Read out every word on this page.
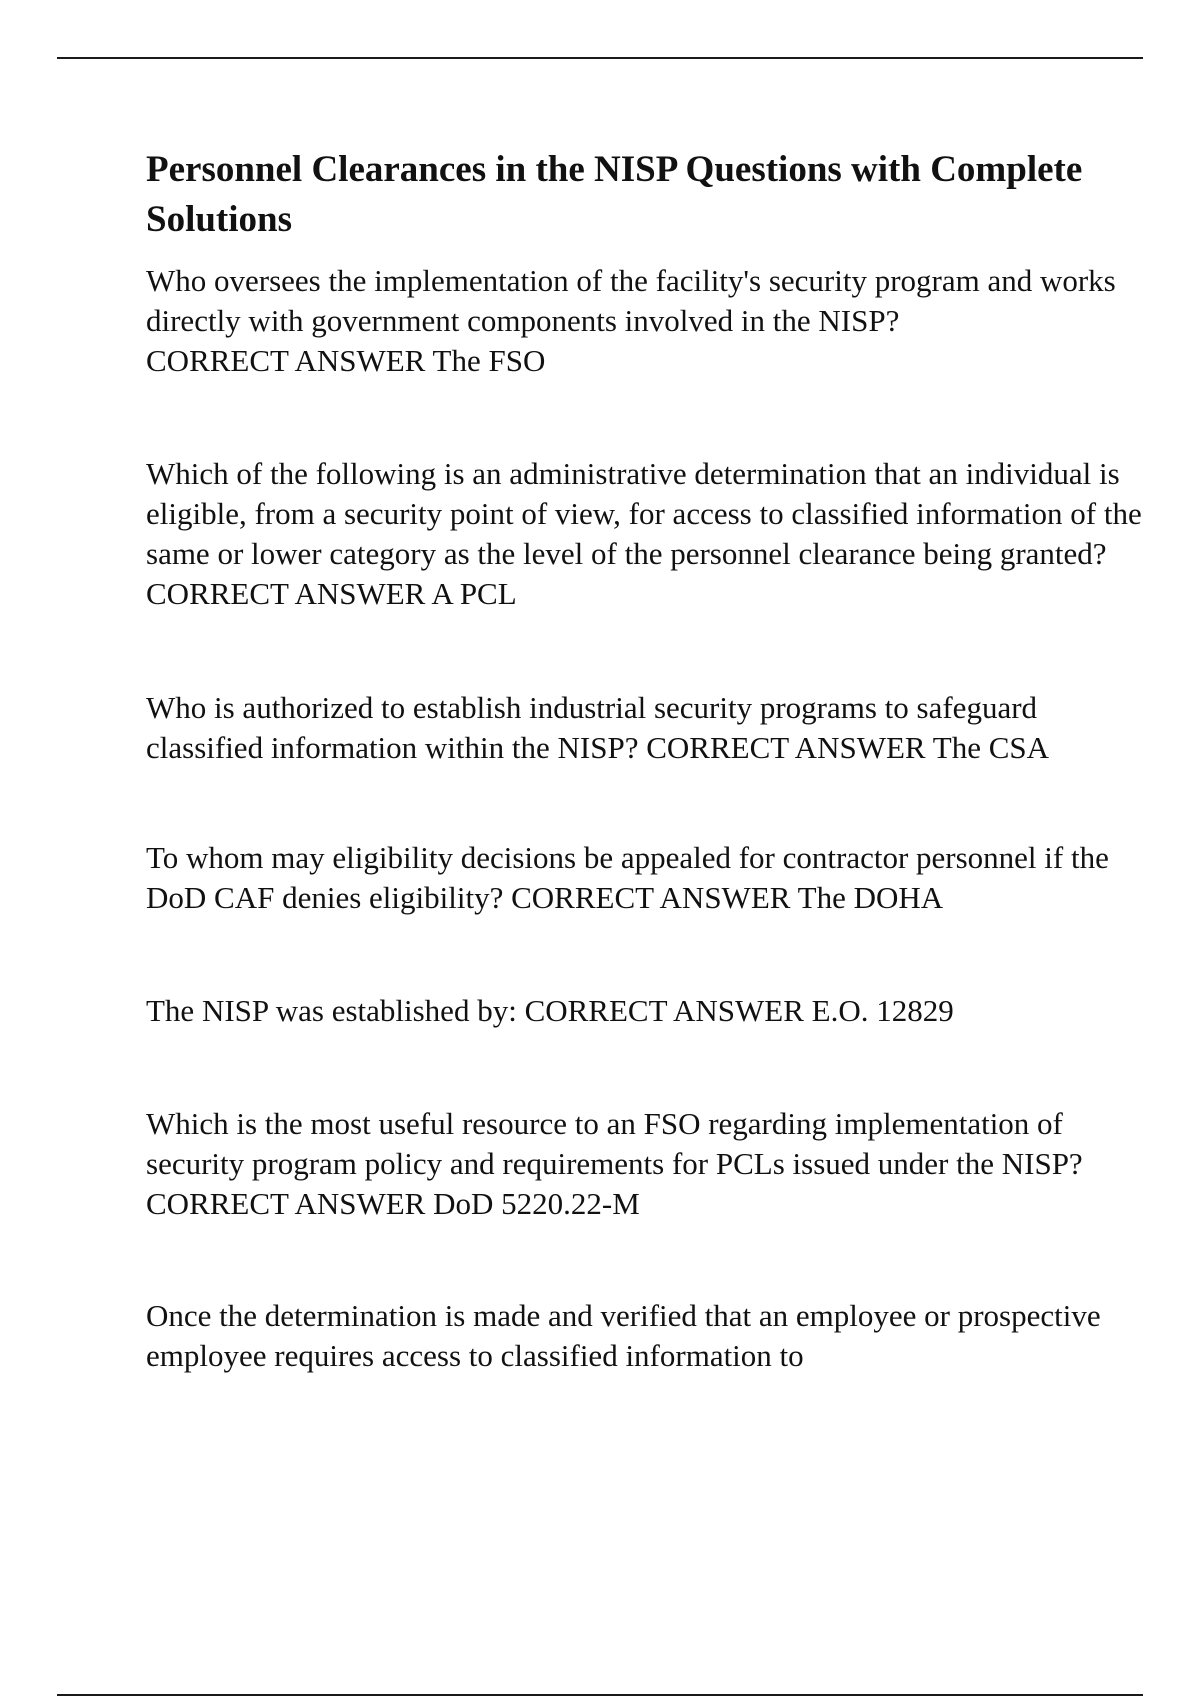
Personnel Clearances in the NISP Questions with Complete Solutions

Who oversees the implementation of the facility's security program and works directly with government components involved in the NISP?
CORRECT ANSWER The FSO

Which of the following is an administrative determination that an individual is eligible, from a security point of view, for access to classified information of the same or lower category as the level of the personnel clearance being granted? CORRECT ANSWER A PCL

Who is authorized to establish industrial security programs to safeguard classified information within the NISP? CORRECT ANSWER The CSA

To whom may eligibility decisions be appealed for contractor personnel if the DoD CAF denies eligibility? CORRECT ANSWER The DOHA

The NISP was established by: CORRECT ANSWER E.O. 12829

Which is the most useful resource to an FSO regarding implementation of security program policy and requirements for PCLs issued under the NISP? CORRECT ANSWER DoD 5220.22-M

Once the determination is made and verified that an employee or prospective employee requires access to classified information to
